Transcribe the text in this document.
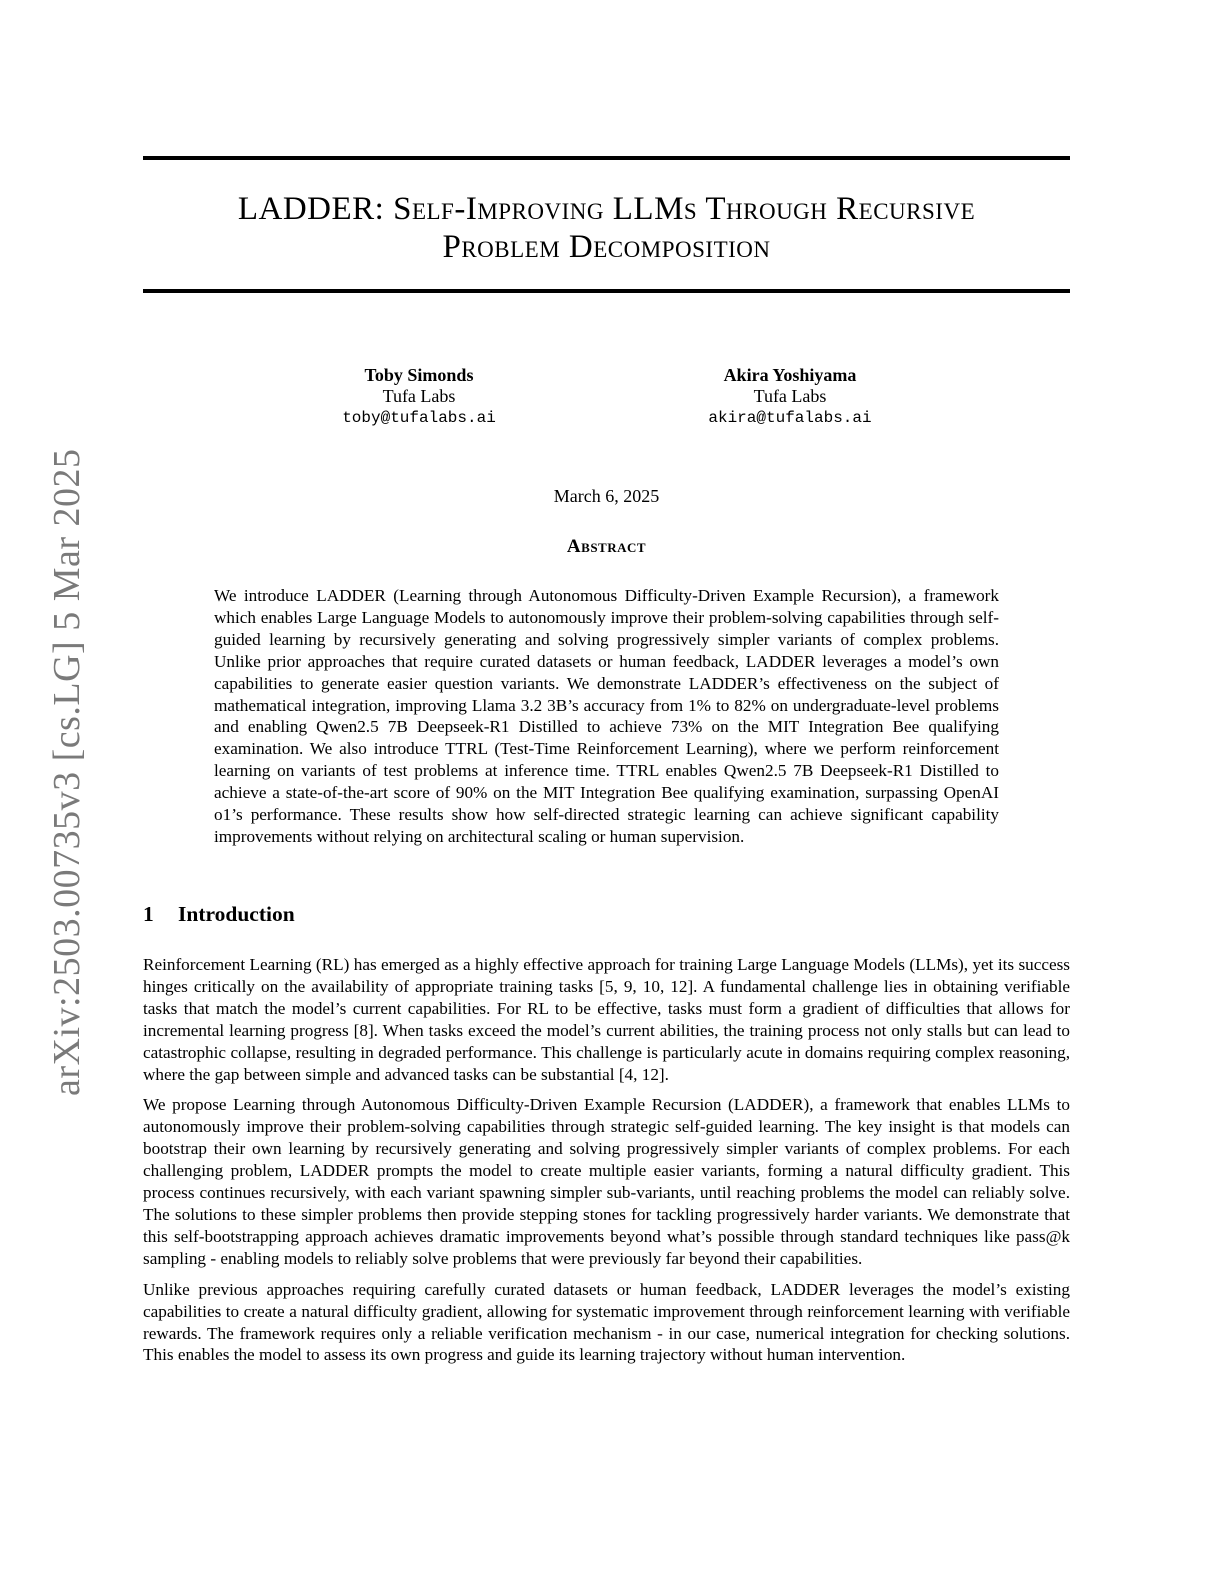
LADDER: Self-Improving LLMs Through Recursive
Problem Decomposition
Toby Simonds
Tufa Labs
toby@tufalabs.ai
Akira Yoshiyama
Tufa Labs
akira@tufalabs.ai
March 6, 2025
Abstract
We introduce LADDER (Learning through Autonomous Difficulty-Driven Example Recursion), a framework which enables Large Language Models to autonomously improve their problem-solving capabilities through self-guided learning by recursively generating and solving progressively simpler variants of complex problems. Unlike prior approaches that require curated datasets or human feedback, LADDER leverages a model’s own capabilities to generate easier question variants. We demonstrate LADDER’s effectiveness on the subject of mathematical integration, improving Llama 3.2 3B’s accuracy from 1% to 82% on undergraduate-level problems and enabling Qwen2.5 7B Deepseek-R1 Distilled to achieve 73% on the MIT Integration Bee qualifying examination. We also introduce TTRL (Test-Time Reinforcement Learning), where we perform reinforcement learning on variants of test problems at inference time. TTRL enables Qwen2.5 7B Deepseek-R1 Distilled to achieve a state-of-the-art score of 90% on the MIT Integration Bee qualifying examination, surpassing OpenAI o1’s performance. These results show how self-directed strategic learning can achieve significant capability improvements without relying on architectural scaling or human supervision.
1 Introduction

Reinforcement Learning (RL) has emerged as a highly effective approach for training Large Language Models (LLMs), yet its success hinges critically on the availability of appropriate training tasks [5, 9, 10, 12]. A fundamental challenge lies in obtaining verifiable tasks that match the model’s current capabilities. For RL to be effective, tasks must form a gradient of difficulties that allows for incremental learning progress [8]. When tasks exceed the model’s current abilities, the training process not only stalls but can lead to catastrophic collapse, resulting in degraded performance. This challenge is particularly acute in domains requiring complex reasoning, where the gap between simple and advanced tasks can be substantial [4, 12].

We propose Learning through Autonomous Difficulty-Driven Example Recursion (LADDER), a framework that enables LLMs to autonomously improve their problem-solving capabilities through strategic self-guided learning. The key insight is that models can bootstrap their own learning by recursively generating and solving progressively simpler variants of complex problems. For each challenging problem, LADDER prompts the model to create multiple easier variants, forming a natural difficulty gradient. This process continues recursively, with each variant spawning simpler sub-variants, until reaching problems the model can reliably solve. The solutions to these simpler problems then provide stepping stones for tackling progressively harder variants. We demonstrate that this self-bootstrapping approach achieves dramatic improvements beyond what’s possible through standard techniques like pass@k sampling - enabling models to reliably solve problems that were previously far beyond their capabilities.

Unlike previous approaches requiring carefully curated datasets or human feedback, LADDER leverages the model’s existing capabilities to create a natural difficulty gradient, allowing for systematic improvement through reinforcement learning with verifiable rewards. The framework requires only a reliable verification mechanism - in our case, numerical integration for checking solutions. This enables the model to assess its own progress and guide its learning trajectory without human intervention.

arXiv:2503.00735v3 [cs.LG] 5 Mar 2025
